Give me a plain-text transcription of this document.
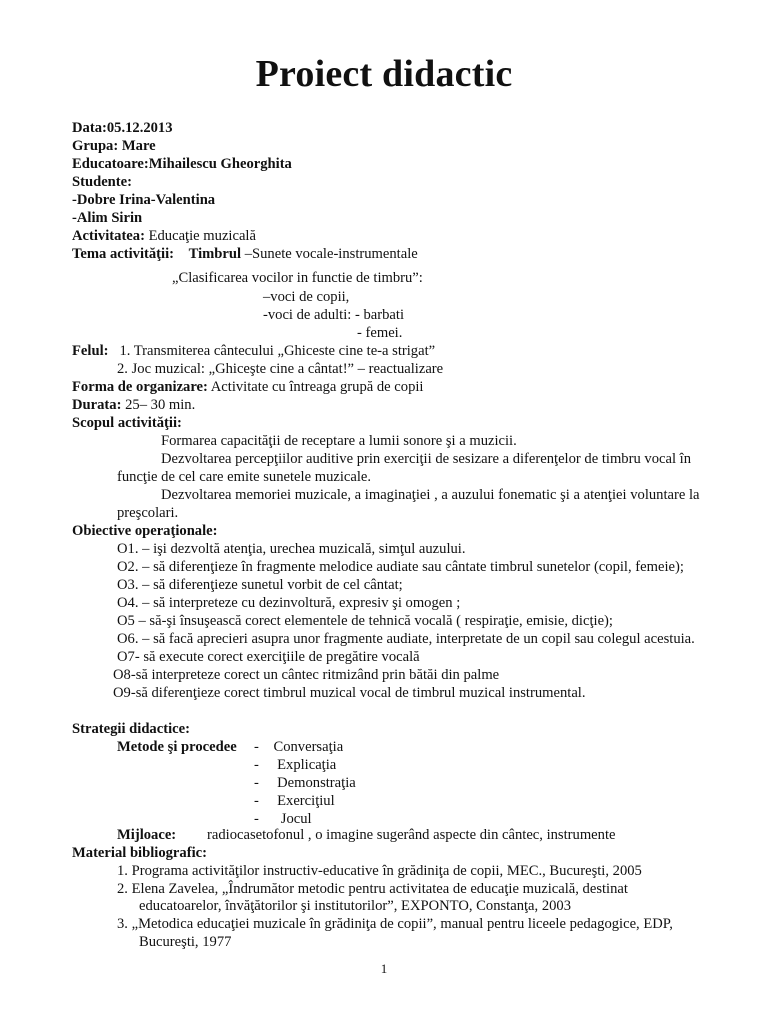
Proiect didactic
Data:05.12.2013
Grupa: Mare
Educatoare:Mihailescu Gheorghita
Studente:
-Dobre Irina-Valentina
-Alim Sirin
Activitatea: Educaţie muzicală
Tema activităţii: Timbrul –Sunete vocale-instrumentale
„Clasificarea vocilor in functie de timbru”:
–voci de copii,
-voci de adulti: - barbati
- femei.
Felul: 1. Transmiterea cântecului „Ghiceste cine te-a strigat”
2. Joc muzical: „Ghiceşte cine a cântat!” – reactualizare
Forma de organizare: Activitate cu întreaga grupă de copii
Durata: 25– 30 min.
Scopul activităţii:
Formarea capacităţii de receptare a lumii sonore şi a muzicii.
Dezvoltarea percepţiilor auditive prin exerciţii de sesizare a diferenţelor de timbru vocal în
funcţie de cel care emite sunetele muzicale.
Dezvoltarea memoriei muzicale, a imaginaţiei , a auzului fonematic şi a atenţiei voluntare la
preşcolari.
Obiective operaţionale:
O1. – işi dezvoltă atenţia, urechea muzicală, simţul auzului.
O2. – să diferenţieze în fragmente melodice audiate sau cântate timbrul sunetelor (copil, femeie);
O3. – să diferenţieze sunetul vorbit de cel cântat;
O4. – să interpreteze cu dezinvoltură, expresiv şi omogen ;
O5 – să-şi însuşească corect elementele de tehnică vocală ( respiraţie, emisie, dicţie);
O6. – să facă aprecieri asupra unor fragmente audiate, interpretate de un copil sau colegul acestuia.
O7- să execute corect exerciţiile de pregătire vocală
O8-să interpreteze corect un cântec ritmizând prin bătăi din palme
O9-să diferenţieze corect timbrul muzical vocal de timbrul muzical instrumental.
Strategii didactice:
Metode şi procedee -    Conversaţia
-     Explicaţia
-     Demonstraţia
-     Exerciţiul
-      Jocul
Mijloace: radiocasetofonul , o imagine sugerând aspecte din cântec, instrumente
Material bibliografic:
1. Programa activităţilor instructiv-educative în grădiniţa de copii, MEC., Bucureşti, 2005
2. Elena Zavelea, „Îndrumător metodic pentru activitatea de educaţie muzicală, destinat
educatoarelor, învăţătorilor şi institutorilor”, EXPONTO, Constanţa, 2003
3. „Metodica educaţiei muzicale în grădiniţa de copii”, manual pentru liceele pedagogice, EDP,
Bucureşti, 1977
1
